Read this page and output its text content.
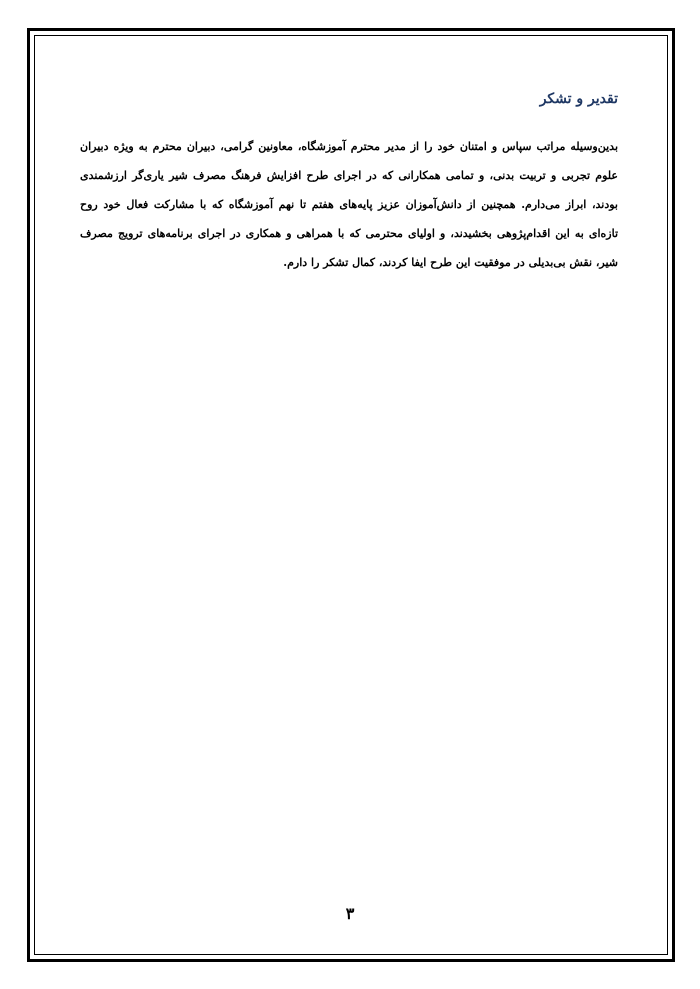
تقدیر و تشکر

بدین‌وسیله مراتب سپاس و امتنان خود را از مدیر محترم آموزشگاه، معاونین گرامی، دبیران محترم به ویژه دبیران علوم تجربی و تربیت بدنی، و تمامی همکارانی که در اجرای طرح افزایش فرهنگ مصرف شیر یاری‌گر ارزشمندی بودند، ابراز می‌دارم. همچنین از دانش‌آموزان عزیز پایه‌های هفتم تا نهم آموزشگاه که با مشارکت فعال خود روح تازه‌ای به این اقدام‌پژوهی بخشیدند، و اولیای محترمی که با همراهی و همکاری در اجرای برنامه‌های ترویج مصرف شیر، نقش بی‌بدیلی در موفقیت این طرح ایفا کردند، کمال تشکر را دارم.

۳
